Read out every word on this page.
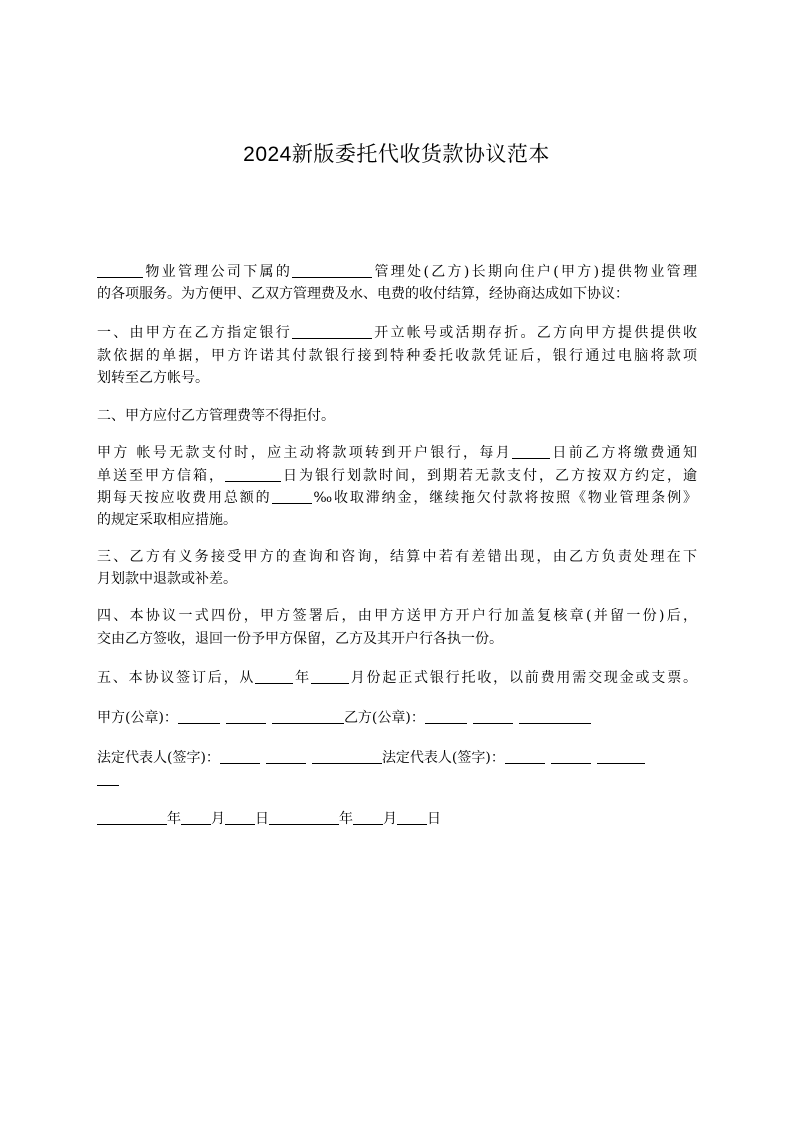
2024新版委托代收货款协议范本
物业管理公司下属的	管理处(乙方)长期向住户(甲方)提供物业管理
的各项服务。为方便甲、乙双方管理费及水、电费的收付结算，经协商达成如下协议：
一、由甲方在乙方指定银行	开立帐号或活期存折。乙方向甲方提供提供收
款依据的单据，甲方许诺其付款银行接到特种委托收款凭证后，银行通过电脑将款项
划转至乙方帐号。
二、甲方应付乙方管理费等不得拒付。
甲方 帐号无款支付时，应主动将款项转到开户银行，每月	日前乙方将缴费通知
单送至甲方信箱，	日为银行划款时间，到期若无款支付，乙方按双方约定，逾
期每天按应收费用总额的	‰收取滞纳金，继续拖欠付款将按照《物业管理条例》
的规定采取相应措施。
三、乙方有义务接受甲方的查询和咨询，结算中若有差错出现，由乙方负责处理在下
月划款中退款或补差。
四、本协议一式四份，甲方签署后，由甲方送甲方开户行加盖复核章(并留一份)后，
交由乙方签收，退回一份予甲方保留，乙方及其开户行各执一份。
五、本协议签订后，从	年	月份起正式银行托收，以前费用需交现金或支票。
甲方(公章)：	乙方(公章)：
法定代表人(签字)：	法定代表人(签字)：
年 月 日	年 月 日
